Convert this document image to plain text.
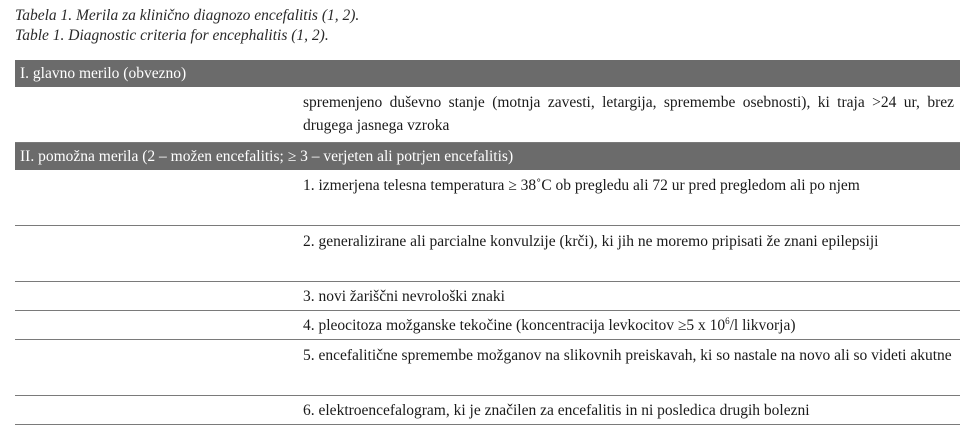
Tabela 1. Merila za klinično diagnozo encefalitis (1, 2).
Table 1. Diagnostic criteria for encephalitis (1, 2).
I. glavno merilo (obvezno)
spremenjeno duševno stanje (motnja zavesti, letargija, spremembe osebnosti), ki traja >24 ur, brez drugega jasnega vzroka
II. pomožna merila (2 – možen encefalitis; ≥ 3 – verjeten ali potrjen encefalitis)
1. izmerjena telesna temperatura ≥ 38˚C ob pregledu ali 72 ur pred pregledom ali po njem
2. generalizirane ali parcialne konvulzije (krči), ki jih ne moremo pripisati že znani epilepsiji
3. novi žariščni nevrološki znaki
4. pleocitoza možganske tekočine (koncentracija levkocitov ≥5 x $10^6/l$ likvorja)
5. encefalitične spremembe možganov na slikovnih preiskavah, ki so nastale na novo ali so videti akutne
6. elektroencefalogram, ki je značilen za encefalitis in ni posledica drugih bolezni
